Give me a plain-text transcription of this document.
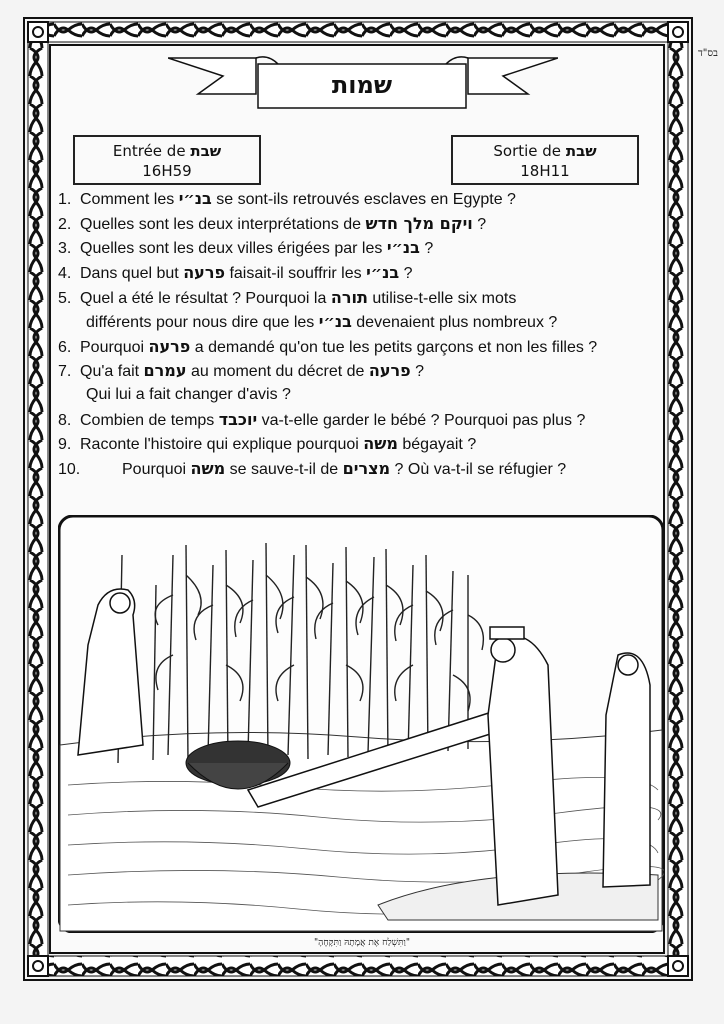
בס"ד
שמות
Entrée de שבת
16H59
Sortie de שבת
18H11
1. Comment les בנ״י se sont-ils retrouvés esclaves en Egypte ?
2. Quelles sont les deux interprétations de ויקם מלך חדש ?
3. Quelles sont les deux villes érigées par les בנ״י ?
4. Dans quel but פרעה faisait-il souffrir les בנ״י ?
5. Quel a été le résultat ? Pourquoi la תורה utilise-t-elle six mots
différents pour nous dire que les בנ״י devenaient plus nombreux ?
6. Pourquoi פרעה a demandé qu'on tue les petits garçons et non les filles ?
7. Qu'a fait עמרם au moment du décret de פרעה ?
Qui lui a fait changer d'avis ?
8. Combien de temps יוכבד va-t-elle garder le bébé ? Pourquoi pas plus ?
9. Raconte l'histoire qui explique pourquoi משה bégayait ?
10.	Pourquoi משה se sauve-t-il de מצרים ? Où va-t-il se réfugier ?
"וַתִּשְׁלַח אֶת אֲמָתָהּ וַתִּקָּחֶהָ"
